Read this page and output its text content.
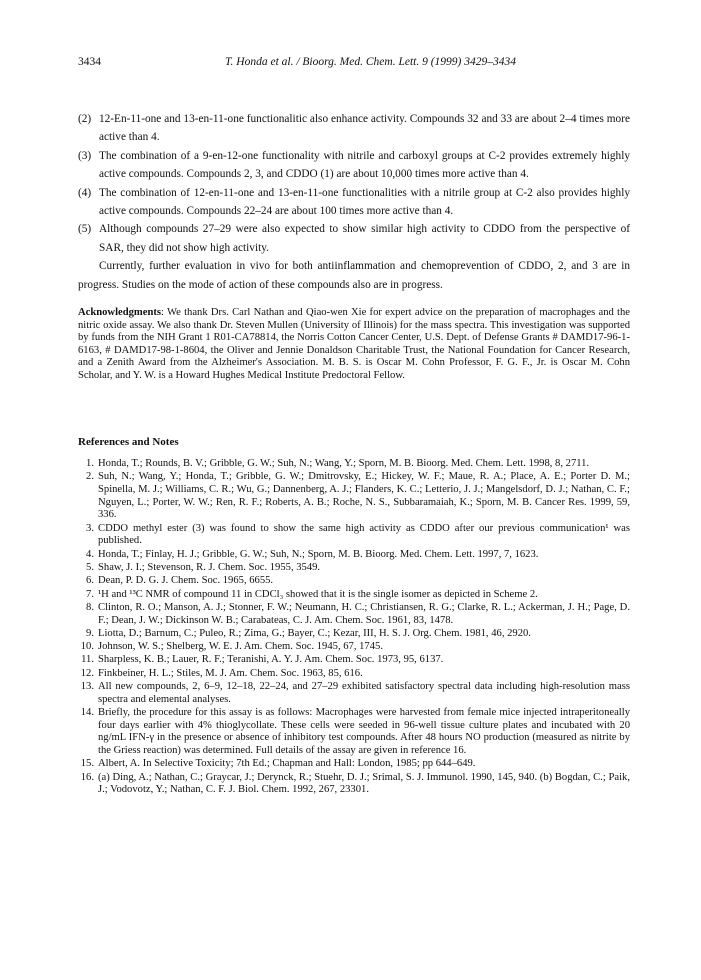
3434	T. Honda et al. / Bioorg. Med. Chem. Lett. 9 (1999) 3429–3434
(2) 12-En-11-one and 13-en-11-one functionalitic also enhance activity. Compounds 32 and 33 are about 2–4 times more active than 4.
(3) The combination of a 9-en-12-one functionality with nitrile and carboxyl groups at C-2 provides extremely highly active compounds. Compounds 2, 3, and CDDO (1) are about 10,000 times more active than 4.
(4) The combination of 12-en-11-one and 13-en-11-one functionalities with a nitrile group at C-2 also provides highly active compounds. Compounds 22–24 are about 100 times more active than 4.
(5) Although compounds 27–29 were also expected to show similar high activity to CDDO from the perspective of SAR, they did not show high activity.

Currently, further evaluation in vivo for both antiinflammation and chemoprevention of CDDO, 2, and 3 are in progress. Studies on the mode of action of these compounds also are in progress.

Acknowledgments: We thank Drs. Carl Nathan and Qiao-wen Xie for expert advice on the preparation of macrophages and the nitric oxide assay. We also thank Dr. Steven Mullen (University of Illinois) for the mass spectra. This investigation was supported by funds from the NIH Grant 1 R01-CA78814, the Norris Cotton Cancer Center, U.S. Dept. of Defense Grants # DAMD17-96-1-6163, # DAMD17-98-1-8604, the Oliver and Jennie Donaldson Charitable Trust, the National Foundation for Cancer Research, and a Zenith Award from the Alzheimer's Association. M. B. S. is Oscar M. Cohn Professor, F. G. F., Jr. is Oscar M. Cohn Scholar, and Y. W. is a Howard Hughes Medical Institute Predoctoral Fellow.

References and Notes
1. Honda, T.; Rounds, B. V.; Gribble, G. W.; Suh, N.; Wang, Y.; Sporn, M. B. Bioorg. Med. Chem. Lett. 1998, 8, 2711.
2. Suh, N.; Wang, Y.; Honda, T.; Gribble, G. W.; Dmitrovsky, E.; Hickey, W. F.; Maue, R. A.; Place, A. E.; Porter D. M.; Spinella, M. J.; Williams, C. R.; Wu, G.; Dannenberg, A. J.; Flanders, K. C.; Letterio, J. J.; Mangelsdorf, D. J.; Nathan, C. F.; Nguyen, L.; Porter, W. W.; Ren, R. F.; Roberts, A. B.; Roche, N. S., Subbaramaiah, K.; Sporn, M. B. Cancer Res. 1999, 59, 336.
3. CDDO methyl ester (3) was found to show the same high activity as CDDO after our previous communication¹ was published.
4. Honda, T.; Finlay, H. J.; Gribble, G. W.; Suh, N.; Sporn, M. B. Bioorg. Med. Chem. Lett. 1997, 7, 1623.
5. Shaw, J. I.; Stevenson, R. J. Chem. Soc. 1955, 3549.
6. Dean, P. D. G. J. Chem. Soc. 1965, 6655.
7. ¹H and ¹³C NMR of compound 11 in CDCl₃ showed that it is the single isomer as depicted in Scheme 2.
8. Clinton, R. O.; Manson, A. J.; Stonner, F. W.; Neumann, H. C.; Christiansen, R. G.; Clarke, R. L.; Ackerman, J. H.; Page, D. F.; Dean, J. W.; Dickinson W. B.; Carabateas, C. J. Am. Chem. Soc. 1961, 83, 1478.
9. Liotta, D.; Barnum, C.; Puleo, R.; Zima, G.; Bayer, C.; Kezar, III, H. S. J. Org. Chem. 1981, 46, 2920.
10. Johnson, W. S.; Shelberg, W. E. J. Am. Chem. Soc. 1945, 67, 1745.
11. Sharpless, K. B.; Lauer, R. F.; Teranishi, A. Y. J. Am. Chem. Soc. 1973, 95, 6137.
12. Finkbeiner, H. L.; Stiles, M. J. Am. Chem. Soc. 1963, 85, 616.
13. All new compounds, 2, 6–9, 12–18, 22–24, and 27–29 exhibited satisfactory spectral data including high-resolution mass spectra and elemental analyses.
14. Briefly, the procedure for this assay is as follows: Macrophages were harvested from female mice injected intraperitoneally four days earlier with 4% thioglycollate. These cells were seeded in 96-well tissue culture plates and incubated with 20 ng/mL IFN-γ in the presence or absence of inhibitory test compounds. After 48 hours NO production (measured as nitrite by the Griess reaction) was determined. Full details of the assay are given in reference 16.
15. Albert, A. In Selective Toxicity; 7th Ed.; Chapman and Hall: London, 1985; pp 644–649.
16. (a) Ding, A.; Nathan, C.; Graycar, J.; Derynck, R.; Stuehr, D. J.; Srimal, S. J. Immunol. 1990, 145, 940. (b) Bogdan, C.; Paik, J.; Vodovotz, Y.; Nathan, C. F. J. Biol. Chem. 1992, 267, 23301.
